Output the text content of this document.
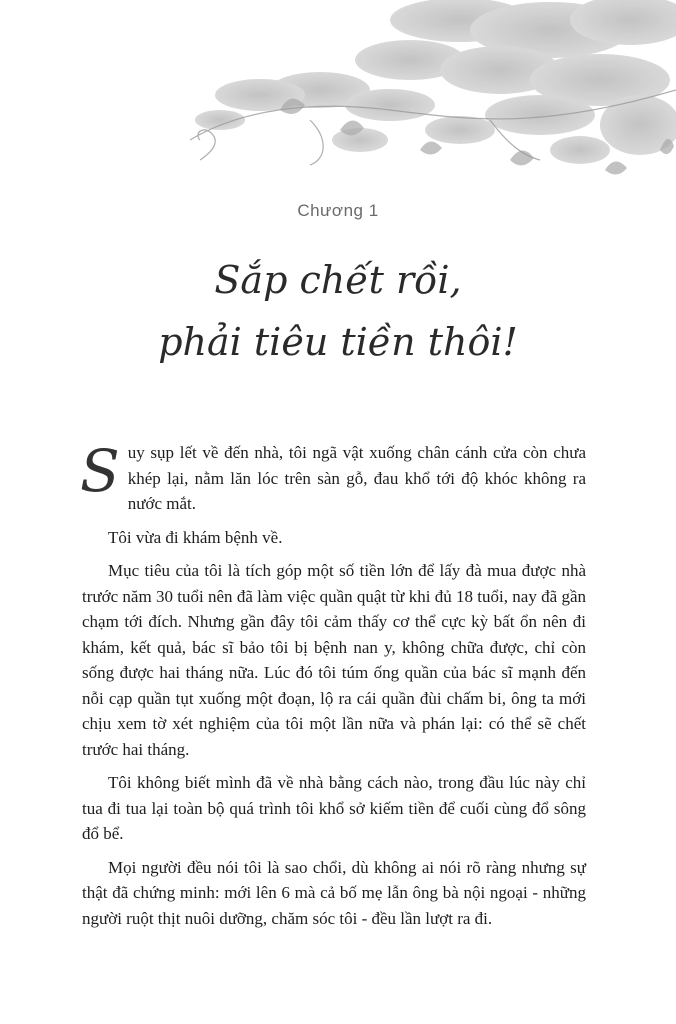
Chương 1
Sắp chết rồi,
phải tiêu tiền thôi!

Suy sụp lết về đến nhà, tôi ngã vật xuống chân cánh cửa còn chưa khép lại, nằm lăn lóc trên sàn gỗ, đau khổ tới độ khóc không ra nước mắt.

Tôi vừa đi khám bệnh về.

Mục tiêu của tôi là tích góp một số tiền lớn để lấy đà mua được nhà trước năm 30 tuổi nên đã làm việc quần quật từ khi đủ 18 tuổi, nay đã gần chạm tới đích. Nhưng gần đây tôi cảm thấy cơ thể cực kỳ bất ổn nên đi khám, kết quả, bác sĩ bảo tôi bị bệnh nan y, không chữa được, chỉ còn sống được hai tháng nữa. Lúc đó tôi túm ống quần của bác sĩ mạnh đến nỗi cạp quần tụt xuống một đoạn, lộ ra cái quần đùi chấm bi, ông ta mới chịu xem tờ xét nghiệm của tôi một lần nữa và phán lại: có thể sẽ chết trước hai tháng.

Tôi không biết mình đã về nhà bằng cách nào, trong đầu lúc này chỉ tua đi tua lại toàn bộ quá trình tôi khổ sở kiếm tiền để cuối cùng đổ sông đổ bể.

Mọi người đều nói tôi là sao chổi, dù không ai nói rõ ràng nhưng sự thật đã chứng minh: mới lên 6 mà cả bố mẹ lẫn ông bà nội ngoại - những người ruột thịt nuôi dưỡng, chăm sóc tôi - đều lần lượt ra đi.
